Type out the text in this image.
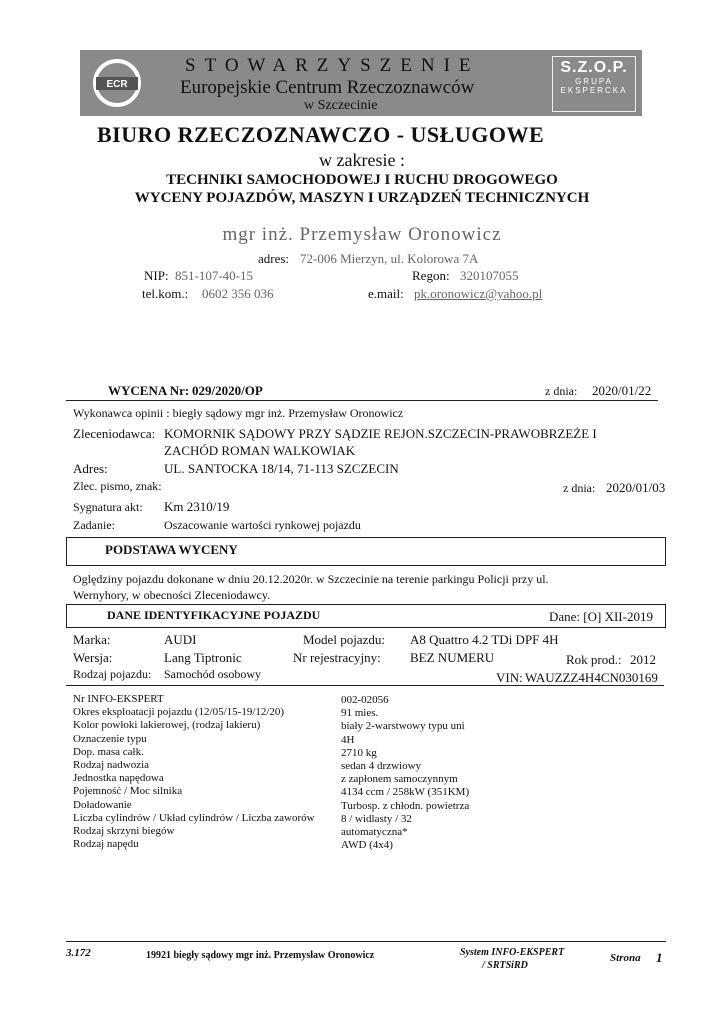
ECR
STOWARZYSZENIE
Europejskie Centrum Rzeczoznawców
w Szczecinie
S.Z.O.P.
GRUPA
EKSPERCKA
BIURO RZECZOZNAWCZO - USŁUGOWE
w zakresie :
TECHNIKI SAMOCHODOWEJ I RUCHU DROGOWEGO
WYCENY POJAZDÓW, MASZYN I URZĄDZEŃ TECHNICZNYCH
mgr inż. Przemysław Oronowicz
adres: 72-006 Mierzyn, ul. Kolorowa 7A
NIP: 851-107-40-15	Regon: 320107055
tel.kom.: 0602 356 036	e.mail: pk.oronowicz@yahoo.pl
WYCENA Nr: 029/2020/OP	z dnia: 2020/01/22
Wykonawca opinii : biegły sądowy mgr inż. Przemysław Oronowicz
Zleceniodawca: KOMORNIK SĄDOWY PRZY SĄDZIE REJON.SZCZECIN-PRAWOBRZEŻE I
ZACHÓD ROMAN WALKOWIAK
Adres:	UL. SANTOCKA 18/14, 71-113 SZCZECIN
Zlec. pismo, znak:	z dnia: 2020/01/03
Sygnatura akt: Km 2310/19
Zadanie:	Oszacowanie wartości rynkowej pojazdu
PODSTAWA WYCENY
Oględziny pojazdu dokonane w dniu 20.12.2020r. w Szczecinie na terenie parkingu Policji przy ul.
Wernyhory, w obecności Zleceniodawcy.
DANE IDENTYFIKACYJNE POJAZDU	Dane: [O] XII-2019
Marka:	AUDI	Model pojazdu: A8 Quattro 4.2 TDi DPF 4H
Wersja:	Lang Tiptronic	Nr rejestracyjny: BEZ NUMERU	Rok prod.: 2012
Rodzaj pojazdu: Samochód osobowy	VIN: WAUZZZ4H4CN030169
Nr INFO-EKSPERT	002-02056
Okres eksploatacji pojazdu (12/05/15-19/12/20)	91 mies.
Kolor powłoki lakierowej, (rodzaj lakieru)	biały 2-warstwowy typu uni
Oznaczenie typu	4H
Dop. masa całk.	2710 kg
Rodzaj nadwozia	sedan 4 drzwiowy
Jednostka napędowa	z zapłonem samoczynnym
Pojemność / Moc silnika	4134 ccm / 258kW (351KM)
Doładowanie	Turbosp. z chłodn. powietrza
Liczba cylindrów / Układ cylindrów / Liczba zaworów 8 / widlasty / 32
Rodzaj skrzyni biegów	automatyczna*
Rodzaj napędu	AWD (4x4)
3.172	19921 biegły sądowy mgr inż. Przemysław Oronowicz	System INFO-EKSPERT
/ SRTSiRD
Strona 1
